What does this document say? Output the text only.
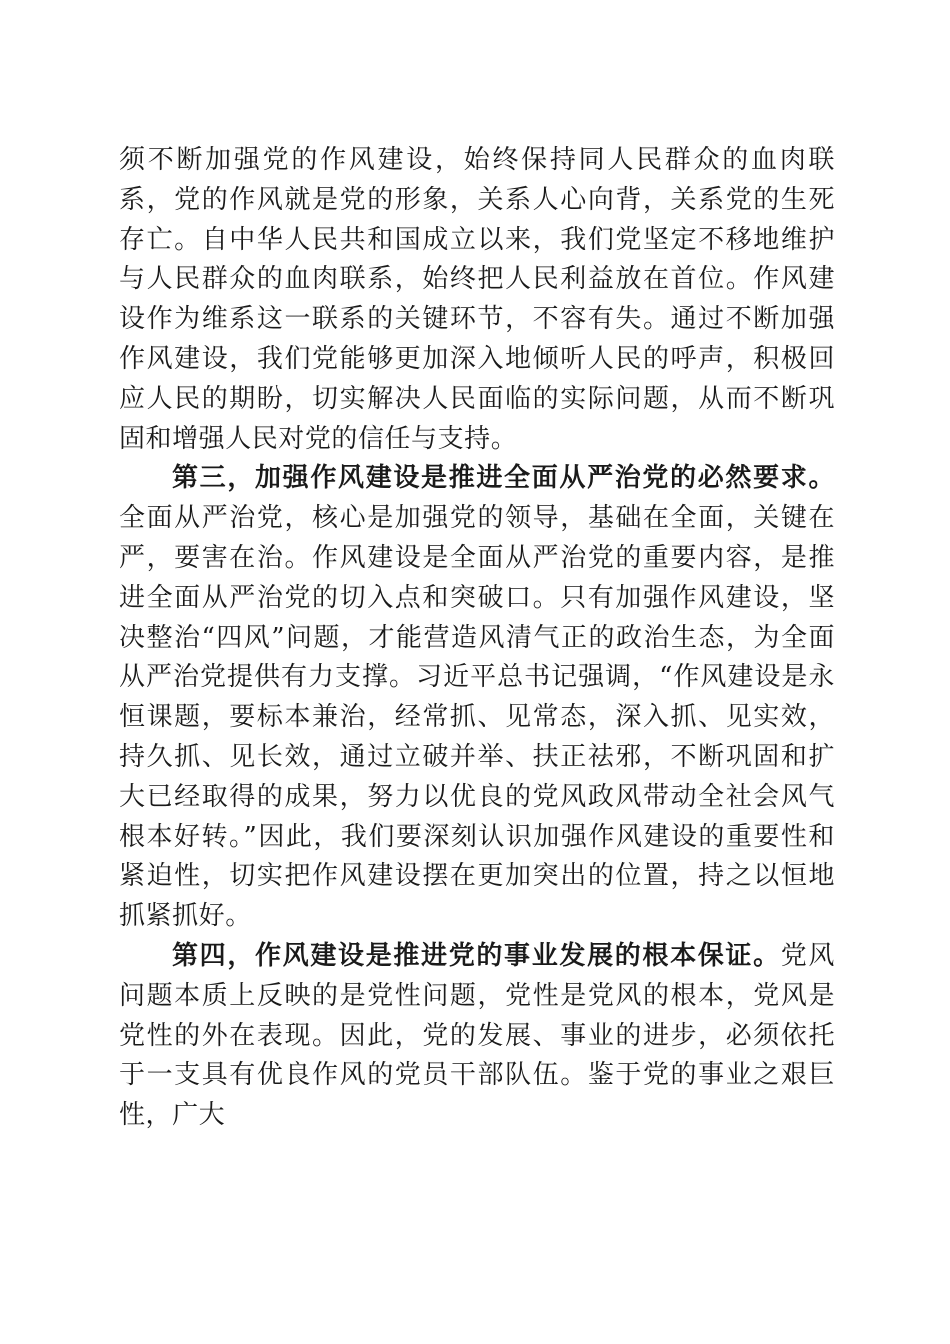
须不断加强党的作风建设，始终保持同人民群众的血肉联系，党的作风就是党的形象，关系人心向背，关系党的生死存亡。自中华人民共和国成立以来，我们党坚定不移地维护与人民群众的血肉联系，始终把人民利益放在首位。作风建设作为维系这一联系的关键环节，不容有失。通过不断加强作风建设，我们党能够更加深入地倾听人民的呼声，积极回应人民的期盼，切实解决人民面临的实际问题，从而不断巩固和增强人民对党的信任与支持。

第三，加强作风建设是推进全面从严治党的必然要求。全面从严治党，核心是加强党的领导，基础在全面，关键在严，要害在治。作风建设是全面从严治党的重要内容，是推进全面从严治党的切入点和突破口。只有加强作风建设，坚决整治“四风”问题，才能营造风清气正的政治生态，为全面从严治党提供有力支撑。习近平总书记强调，“作风建设是永恒课题，要标本兼治，经常抓、见常态，深入抓、见实效，持久抓、见长效，通过立破并举、扶正祛邪，不断巩固和扩大已经取得的成果，努力以优良的党风政风带动全社会风气根本好转。”因此，我们要深刻认识加强作风建设的重要性和紧迫性，切实把作风建设摆在更加突出的位置，持之以恒地抓紧抓好。

第四，作风建设是推进党的事业发展的根本保证。党风问题本质上反映的是党性问题，党性是党风的根本，党风是党性的外在表现。因此，党的发展、事业的进步，必须依托于一支具有优良作风的党员干部队伍。鉴于党的事业之艰巨性，广大
